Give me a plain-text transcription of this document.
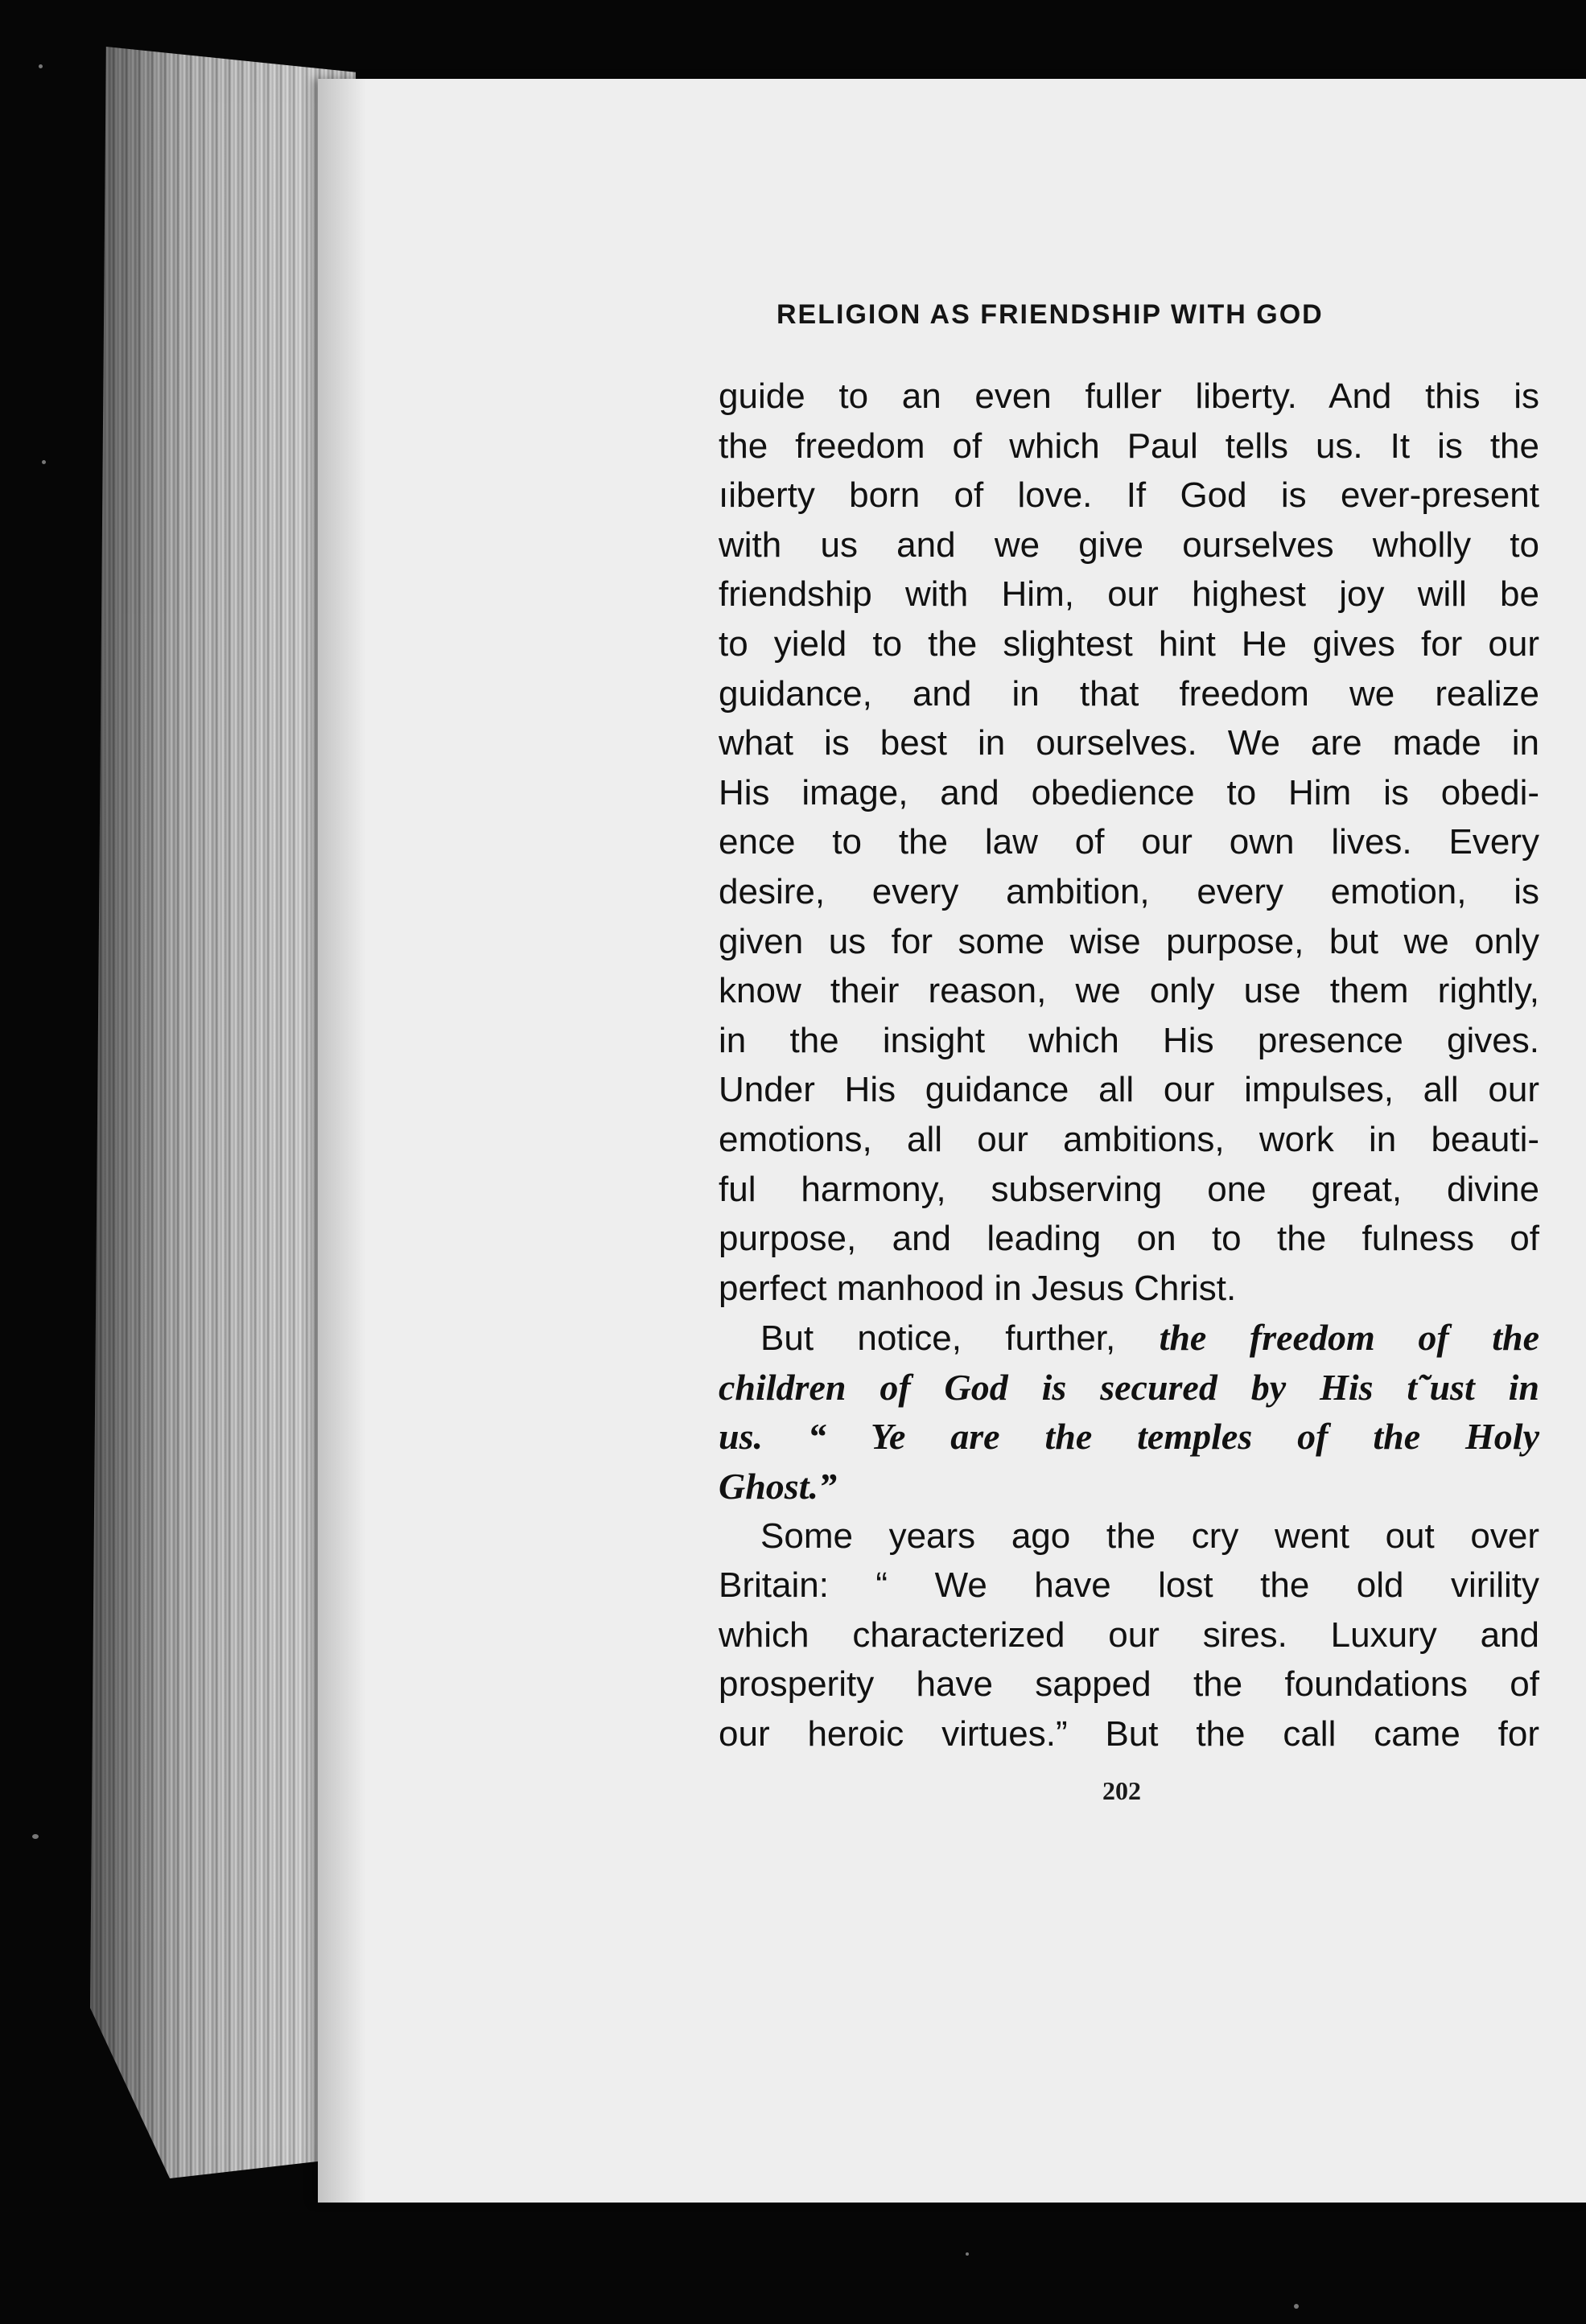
RELIGION AS FRIENDSHIP WITH GOD
guide to an even fuller liberty. And this is
the freedom of which Paul tells us. It is the
ıiberty born of love. If God is ever-present
with us and we give ourselves wholly to
friendship with Him, our highest joy will be
to yield to the slightest hint He gives for our
guidance, and in that freedom we realize
what is best in ourselves. We are made in
His image, and obedience to Him is obedi-
ence to the law of our own lives. Every
desire, every ambition, every emotion, is
given us for some wise purpose, but we only
know their reason, we only use them rightly,
in the insight which His presence gives.
Under His guidance all our impulses, all our
emotions, all our ambitions, work in beauti-
ful harmony, subserving one great, divine
purpose, and leading on to the fulness of
perfect manhood in Jesus Christ.
But notice, further, the freedom of the
children of God is secured by His t˜ust in
us. “ Ye are the temples of the Holy
Ghost.”
Some years ago the cry went out over
Britain: “ We have lost the old virility
which characterized our sires. Luxury and
prosperity have sapped the foundations of
our heroic virtues.” But the call came for
202
